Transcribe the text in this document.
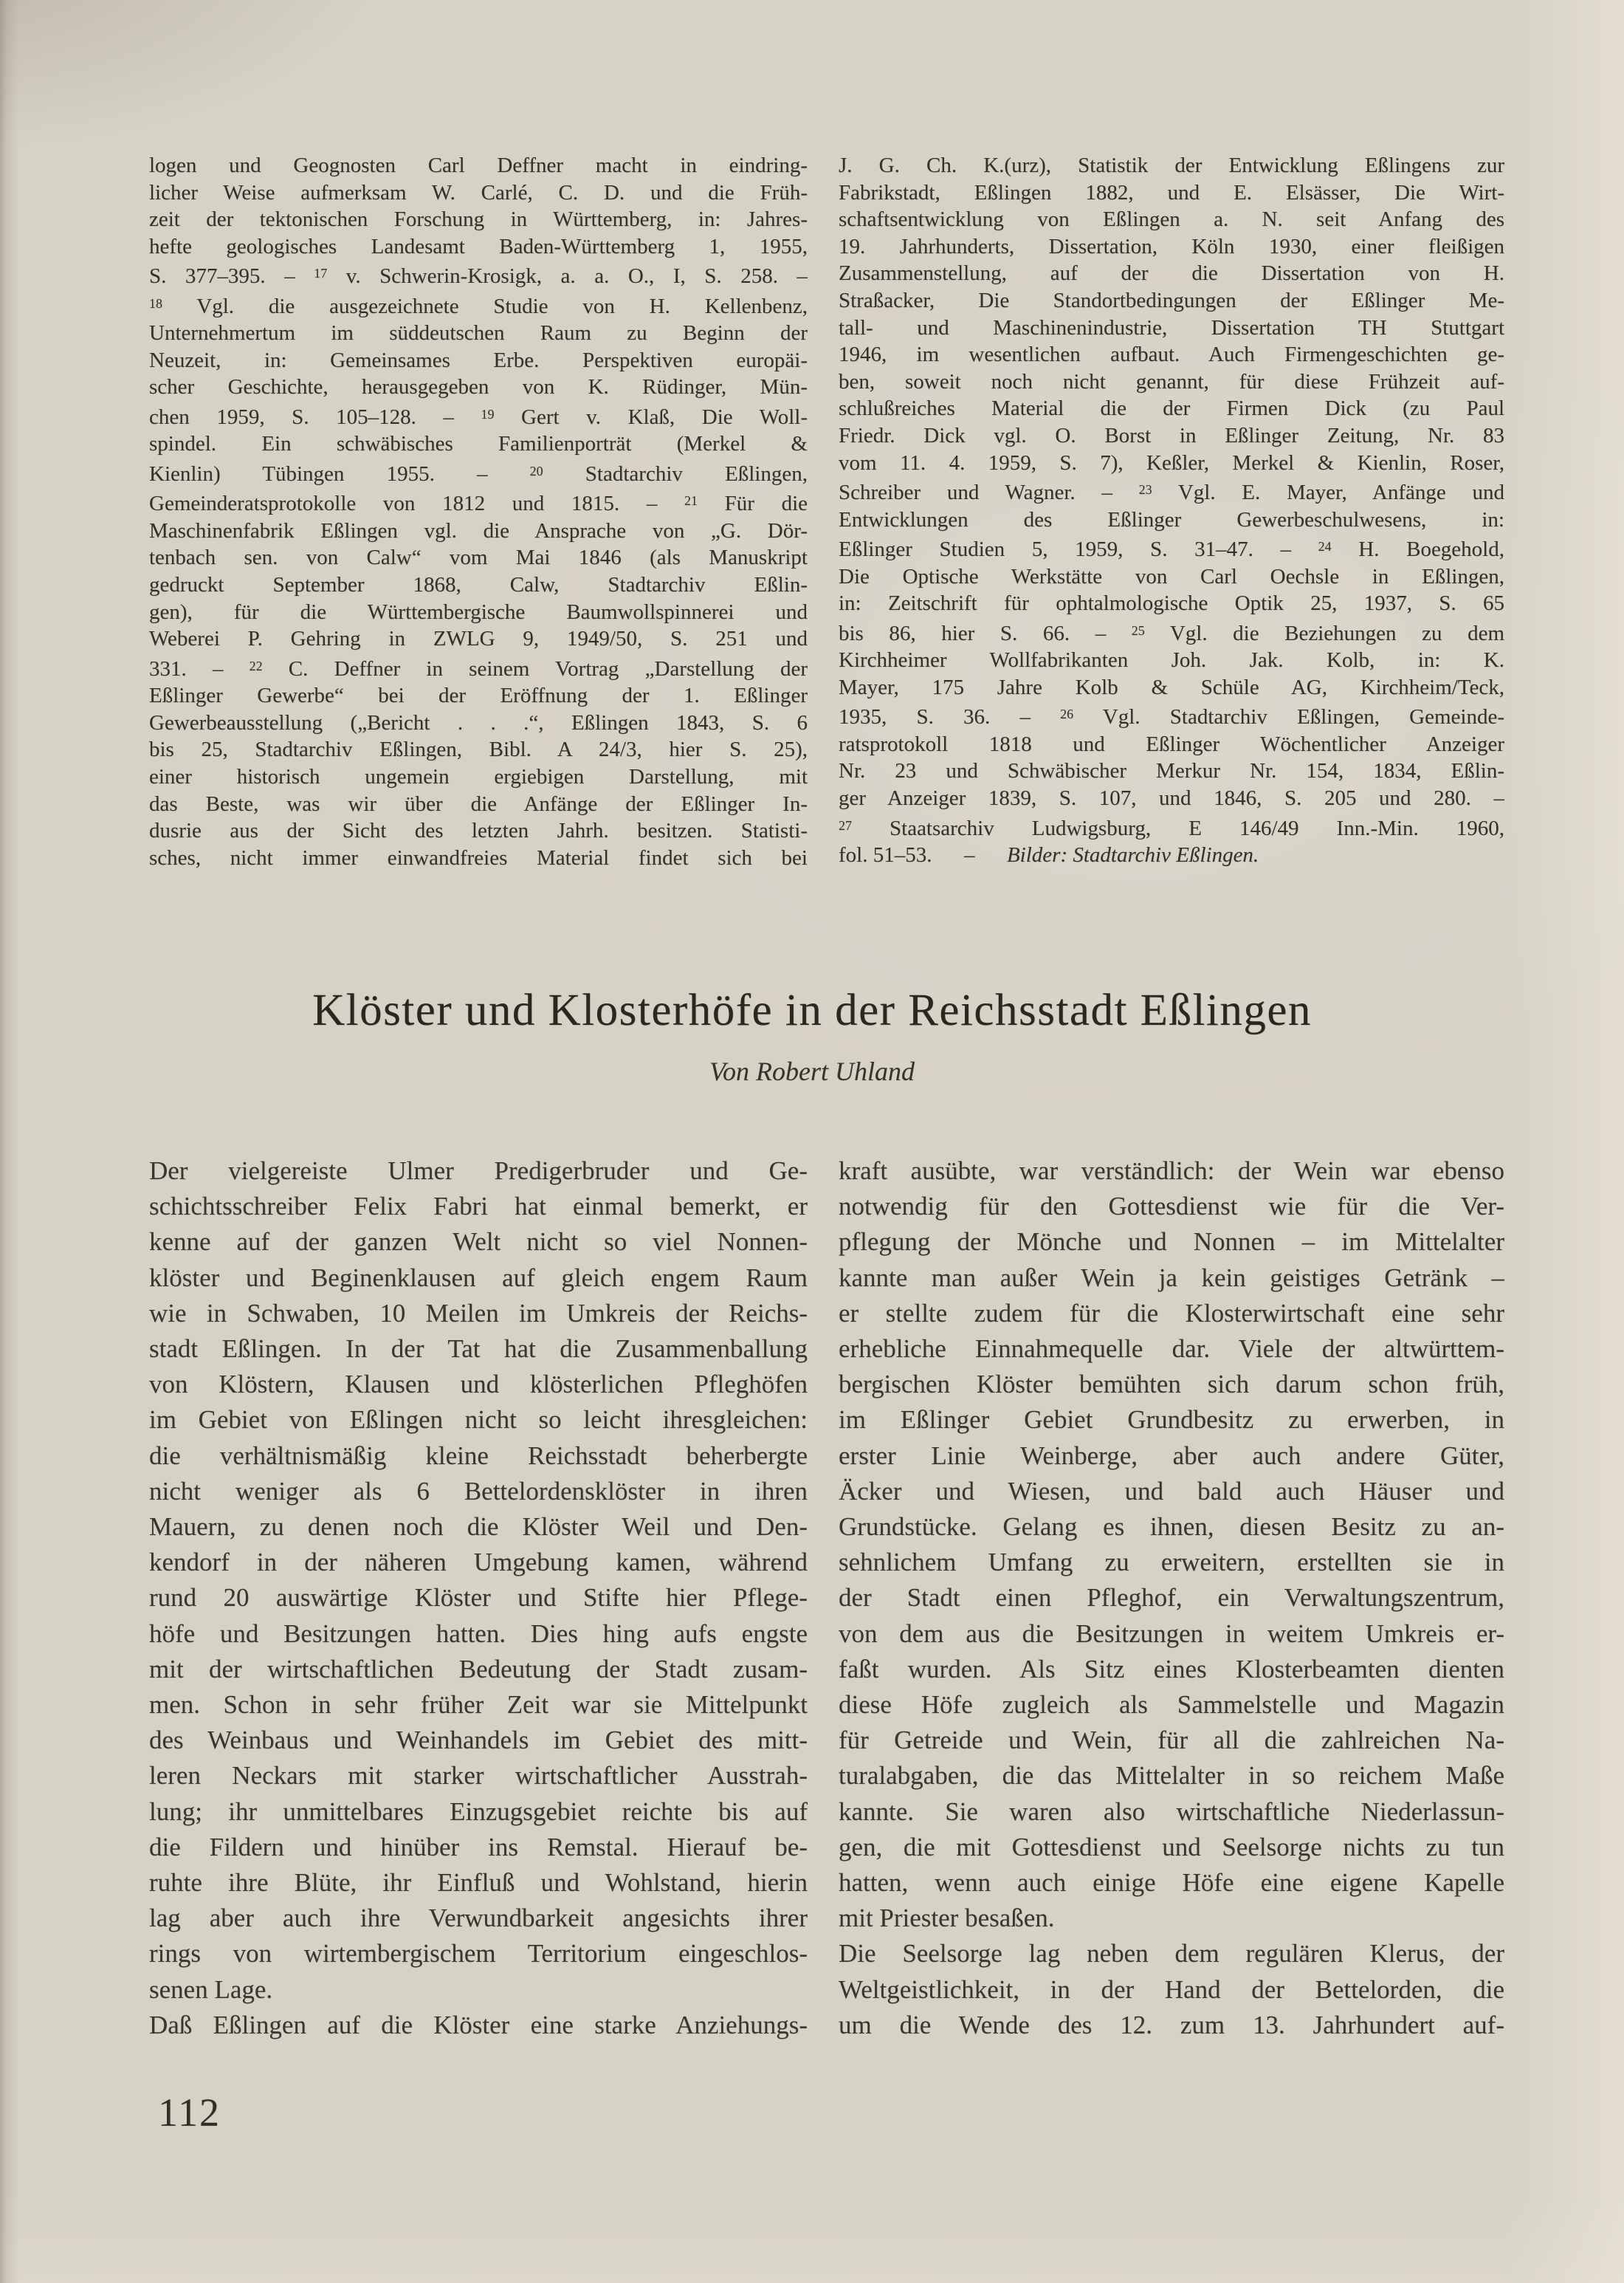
logen und Geognosten Carl Deffner macht in eindring-
licher Weise aufmerksam W. Carlé, C. D. und die Früh-
zeit der tektonischen Forschung in Württemberg, in: Jahres-
hefte geologisches Landesamt Baden-Württemberg 1, 1955,
S. 377–395. – $^{17}$ v. Schwerin-Krosigk, a. a. O., I, S. 258. –
$^{18}$ Vgl. die ausgezeichnete Studie von H. Kellenbenz,
Unternehmertum im süddeutschen Raum zu Beginn der
Neuzeit, in: Gemeinsames Erbe. Perspektiven europäi-
scher Geschichte, herausgegeben von K. Rüdinger, Mün-
chen 1959, S. 105–128. – $^{19}$ Gert v. Klaß, Die Woll-
spindel. Ein schwäbisches Familienporträt (Merkel &
Kienlin) Tübingen 1955. – $^{20}$ Stadtarchiv Eßlingen,
Gemeinderatsprotokolle von 1812 und 1815. – $^{21}$ Für die
Maschinenfabrik Eßlingen vgl. die Ansprache von „G. Dör-
tenbach sen. von Calw“ vom Mai 1846 (als Manuskript
gedruckt September 1868, Calw, Stadtarchiv Eßlin-
gen), für die Württembergische Baumwollspinnerei und
Weberei P. Gehring in ZWLG 9, 1949/50, S. 251 und
331. – $^{22}$ C. Deffner in seinem Vortrag „Darstellung der
Eßlinger Gewerbe“ bei der Eröffnung der 1. Eßlinger
Gewerbeausstellung („Bericht . . .“, Eßlingen 1843, S. 6
bis 25, Stadtarchiv Eßlingen, Bibl. A 24/3, hier S. 25),
einer historisch ungemein ergiebigen Darstellung, mit
das Beste, was wir über die Anfänge der Eßlinger In-
dusrie aus der Sicht des letzten Jahrh. besitzen. Statisti-
sches, nicht immer einwandfreies Material findet sich bei
J. G. Ch. K.(urz), Statistik der Entwicklung Eßlingens zur
Fabrikstadt, Eßlingen 1882, und E. Elsässer, Die Wirt-
schaftsentwicklung von Eßlingen a. N. seit Anfang des
19. Jahrhunderts, Dissertation, Köln 1930, einer fleißigen
Zusammenstellung, auf der die Dissertation von H.
Straßacker, Die Standortbedingungen der Eßlinger Me-
tall- und Maschinenindustrie, Dissertation TH Stuttgart
1946, im wesentlichen aufbaut. Auch Firmengeschichten ge-
ben, soweit noch nicht genannt, für diese Frühzeit auf-
schlußreiches Material die der Firmen Dick (zu Paul
Friedr. Dick vgl. O. Borst in Eßlinger Zeitung, Nr. 83
vom 11. 4. 1959, S. 7), Keßler, Merkel & Kienlin, Roser,
Schreiber und Wagner. – $^{23}$ Vgl. E. Mayer, Anfänge und
Entwicklungen des Eßlinger Gewerbeschulwesens, in:
Eßlinger Studien 5, 1959, S. 31–47. – $^{24}$ H. Boegehold,
Die Optische Werkstätte von Carl Oechsle in Eßlingen,
in: Zeitschrift für ophtalmologische Optik 25, 1937, S. 65
bis 86, hier S. 66. – $^{25}$ Vgl. die Beziehungen zu dem
Kirchheimer Wollfabrikanten Joh. Jak. Kolb, in: K.
Mayer, 175 Jahre Kolb & Schüle AG, Kirchheim/Teck,
1935, S. 36. – $^{26}$ Vgl. Stadtarchiv Eßlingen, Gemeinde-
ratsprotokoll 1818 und Eßlinger Wöchentlicher Anzeiger
Nr. 23 und Schwäbischer Merkur Nr. 154, 1834, Eßlin-
ger Anzeiger 1839, S. 107, und 1846, S. 205 und 280. –
$^{27}$ Staatsarchiv Ludwigsburg, E 146/49 Inn.-Min. 1960,
fol. 51–53.  –  Bilder: Stadtarchiv Eßlingen.
Klöster und Klosterhöfe in der Reichsstadt Eßlingen
Von Robert Uhland
Der vielgereiste Ulmer Predigerbruder und Ge-
schichtsschreiber Felix Fabri hat einmal bemerkt, er
kenne auf der ganzen Welt nicht so viel Nonnen-
klöster und Beginenklausen auf gleich engem Raum
wie in Schwaben, 10 Meilen im Umkreis der Reichs-
stadt Eßlingen. In der Tat hat die Zusammenballung
von Klöstern, Klausen und klösterlichen Pfleghöfen
im Gebiet von Eßlingen nicht so leicht ihresgleichen:
die verhältnismäßig kleine Reichsstadt beherbergte
nicht weniger als 6 Bettelordensklöster in ihren
Mauern, zu denen noch die Klöster Weil und Den-
kendorf in der näheren Umgebung kamen, während
rund 20 auswärtige Klöster und Stifte hier Pflege-
höfe und Besitzungen hatten. Dies hing aufs engste
mit der wirtschaftlichen Bedeutung der Stadt zusam-
men. Schon in sehr früher Zeit war sie Mittelpunkt
des Weinbaus und Weinhandels im Gebiet des mitt-
leren Neckars mit starker wirtschaftlicher Ausstrah-
lung; ihr unmittelbares Einzugsgebiet reichte bis auf
die Fildern und hinüber ins Remstal. Hierauf be-
ruhte ihre Blüte, ihr Einfluß und Wohlstand, hierin
lag aber auch ihre Verwundbarkeit angesichts ihrer
rings von wirtembergischem Territorium eingeschlos-
senen Lage.
Daß Eßlingen auf die Klöster eine starke Anziehungs-
kraft ausübte, war verständlich: der Wein war ebenso
notwendig für den Gottesdienst wie für die Ver-
pflegung der Mönche und Nonnen – im Mittelalter
kannte man außer Wein ja kein geistiges Getränk –
er stellte zudem für die Klosterwirtschaft eine sehr
erhebliche Einnahmequelle dar. Viele der altwürttem-
bergischen Klöster bemühten sich darum schon früh,
im Eßlinger Gebiet Grundbesitz zu erwerben, in
erster Linie Weinberge, aber auch andere Güter,
Äcker und Wiesen, und bald auch Häuser und
Grundstücke. Gelang es ihnen, diesen Besitz zu an-
sehnlichem Umfang zu erweitern, erstellten sie in
der Stadt einen Pfleghof, ein Verwaltungszentrum,
von dem aus die Besitzungen in weitem Umkreis er-
faßt wurden. Als Sitz eines Klosterbeamten dienten
diese Höfe zugleich als Sammelstelle und Magazin
für Getreide und Wein, für all die zahlreichen Na-
turalabgaben, die das Mittelalter in so reichem Maße
kannte. Sie waren also wirtschaftliche Niederlassun-
gen, die mit Gottesdienst und Seelsorge nichts zu tun
hatten, wenn auch einige Höfe eine eigene Kapelle
mit Priester besaßen.
Die Seelsorge lag neben dem regulären Klerus, der
Weltgeistlichkeit, in der Hand der Bettelorden, die
um die Wende des 12. zum 13. Jahrhundert auf-
112
